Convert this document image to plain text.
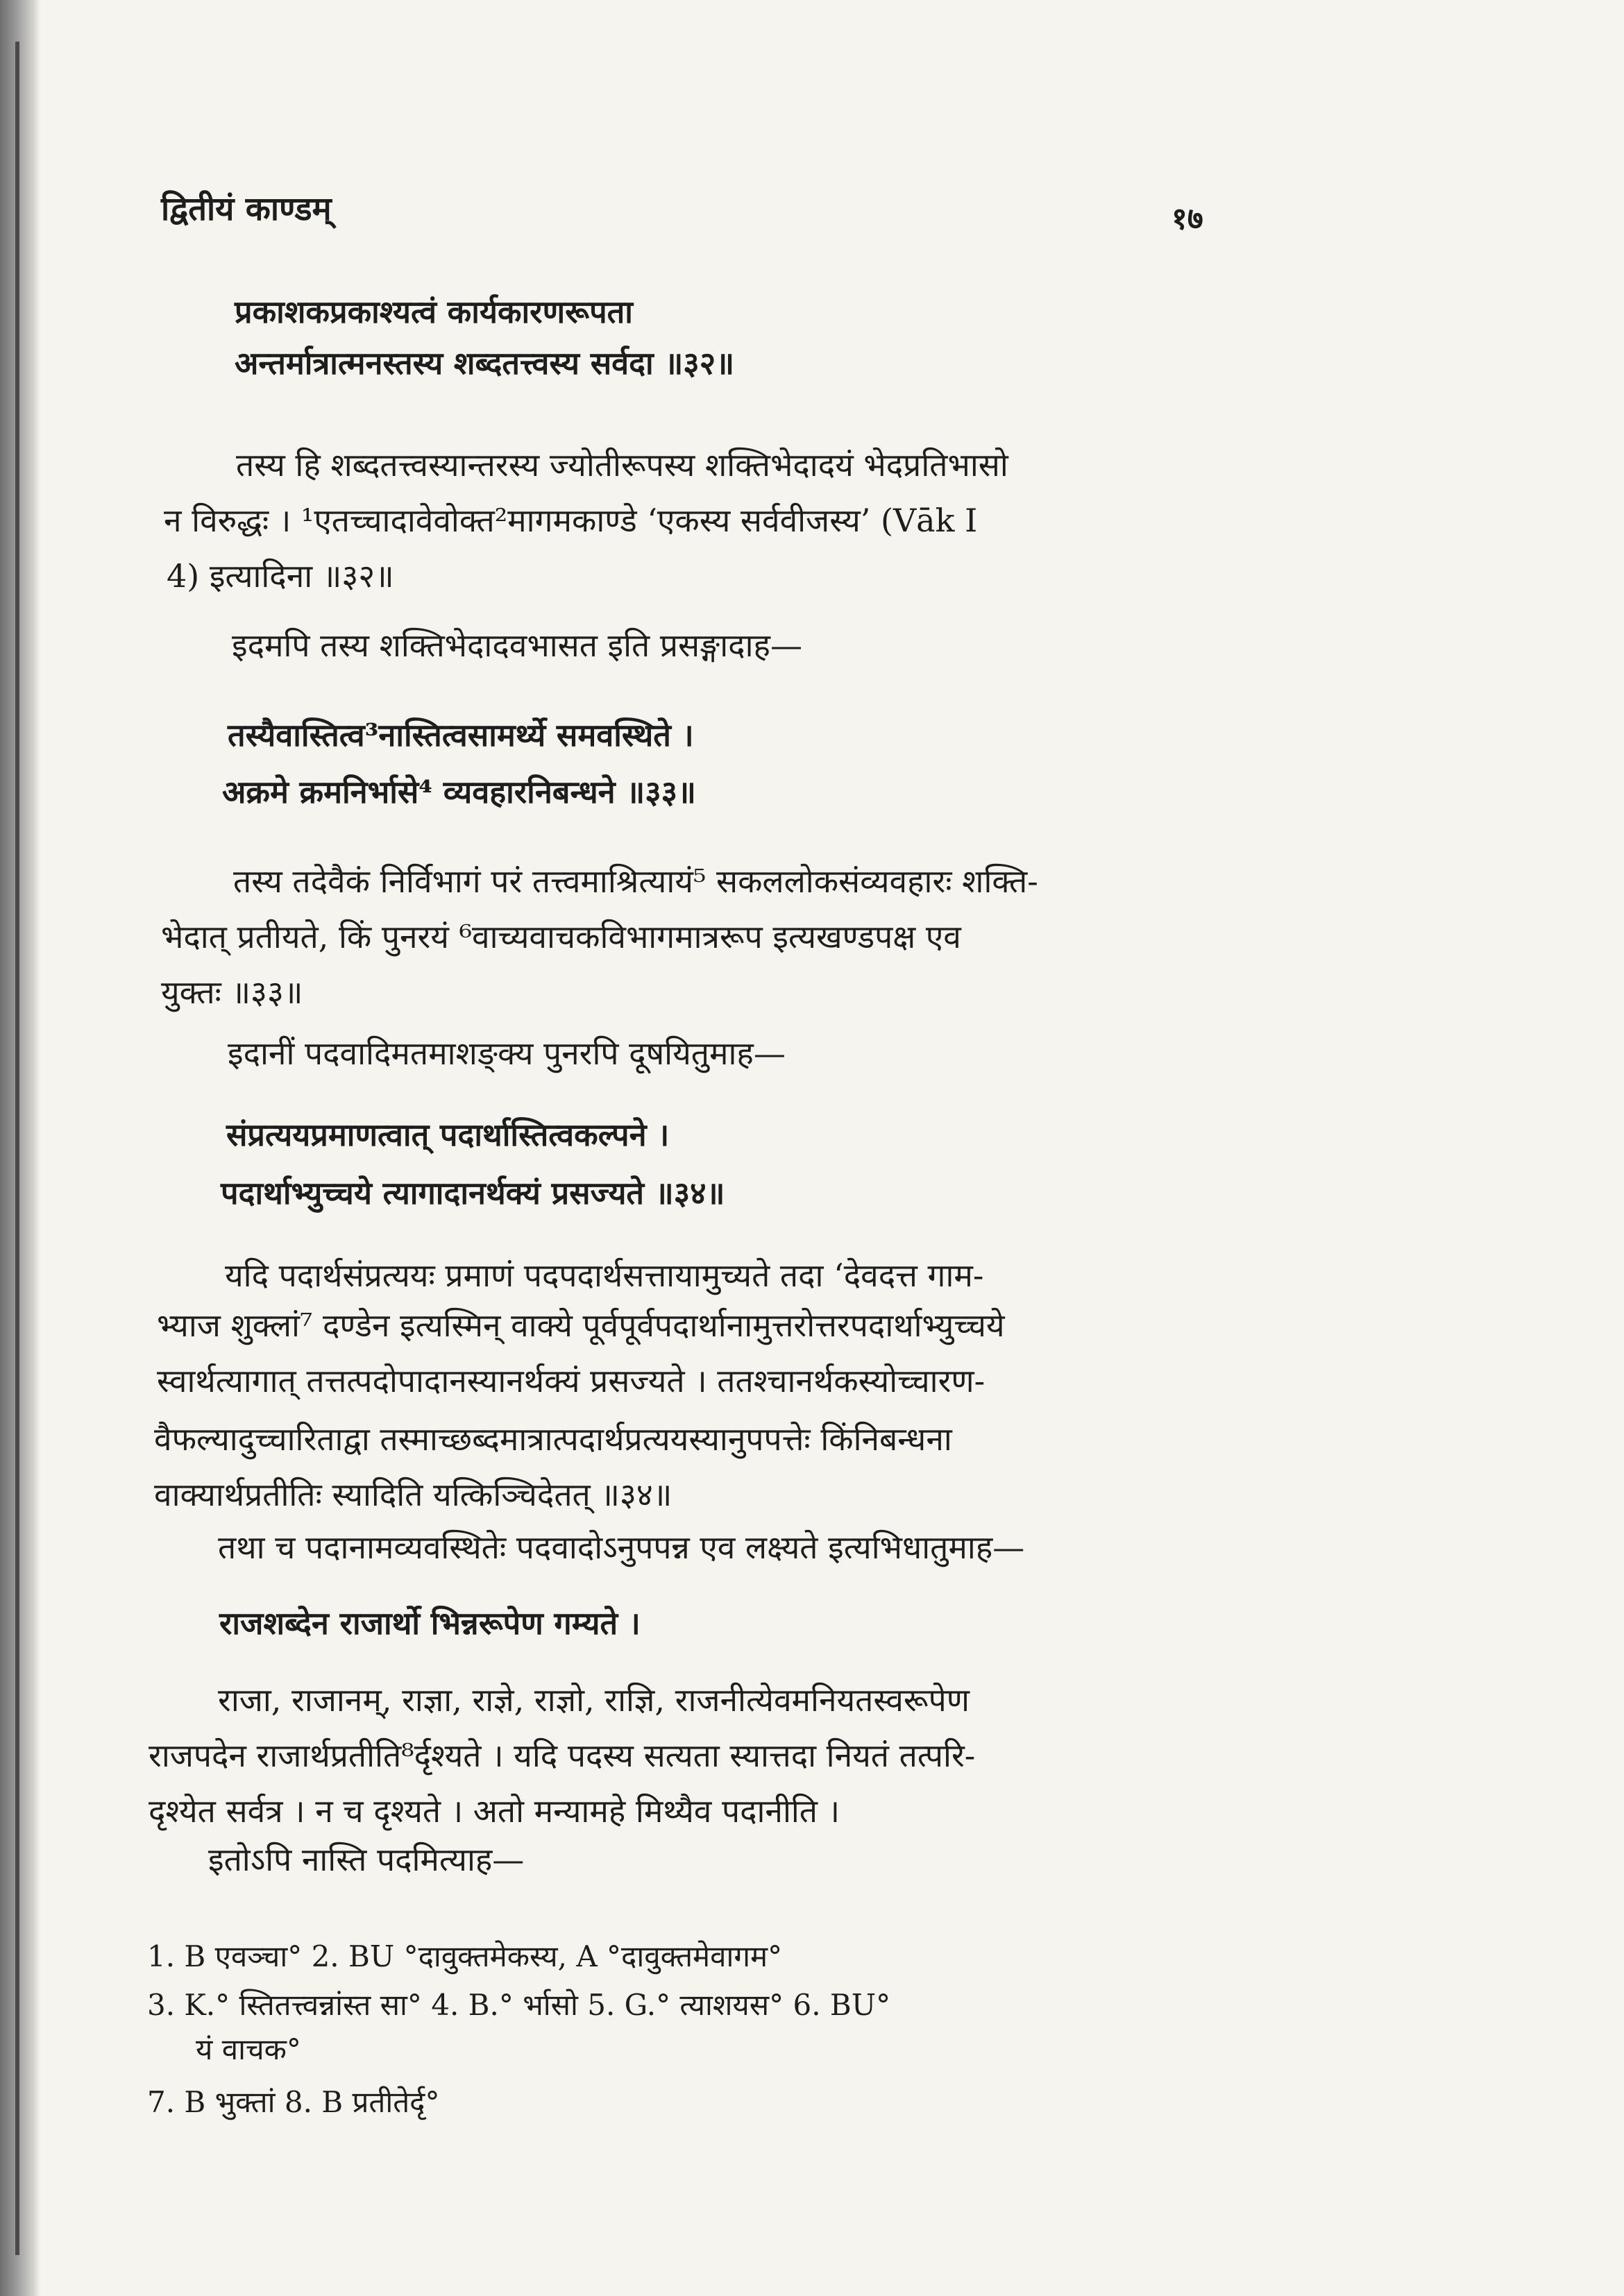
द्वितीयं काण्डम्	१७
प्रकाशकप्रकाश्यत्वं कार्यकारणरूपता
अन्तर्मात्रात्मनस्तस्य शब्दतत्त्वस्य सर्वदा ॥३२॥
तस्य हि शब्दतत्त्वस्यान्तरस्य ज्योतीरूपस्य शक्तिभेदादयं भेदप्रतिभासो
न विरुद्धः । ¹एतच्चादावेवोक्त²मागमकाण्डे ‘एकस्य सर्ववीजस्य’ (Vāk I
4) इत्यादिना ॥३२॥
इदमपि तस्य शक्तिभेदादवभासत इति प्रसङ्गादाह—
तस्यैवास्तित्व³नास्तित्वसामर्थ्ये समवस्थिते ।
अक्रमे क्रमनिर्भासे⁴ व्यवहारनिबन्धने ॥३३॥
तस्य तदेवैकं निर्विभागं परं तत्त्वमाश्रित्यायं⁵ सकललोकसंव्यवहारः शक्ति-
भेदात् प्रतीयते, किं पुनरयं ⁶वाच्यवाचकविभागमात्ररूप इत्यखण्डपक्ष एव
युक्तः ॥३३॥
इदानीं पदवादिमतमाशङ्क्य पुनरपि दूषयितुमाह—
संप्रत्ययप्रमाणत्वात् पदार्थास्तित्वकल्पने ।
पदार्थाभ्युच्चये त्यागादानर्थक्यं प्रसज्यते ॥३४॥
यदि पदार्थसंप्रत्ययः प्रमाणं पदपदार्थसत्तायामुच्यते तदा ‘देवदत्त गाम-
भ्याज शुक्लां⁷ दण्डेन इत्यस्मिन् वाक्ये पूर्वपूर्वपदार्थानामुत्तरोत्तरपदार्थाभ्युच्चये
स्वार्थत्यागात् तत्तत्पदोपादानस्यानर्थक्यं प्रसज्यते । ततश्चानर्थकस्योच्चारण-
वैफल्यादुच्चारिताद्वा तस्माच्छब्दमात्रात्पदार्थप्रत्ययस्यानुपपत्तेः किंनिबन्धना
वाक्यार्थप्रतीतिः स्यादिति यत्किञ्चिदेतत् ॥३४॥
तथा च पदानामव्यवस्थितेः पदवादोऽनुपपन्न एव लक्ष्यते इत्यभिधातुमाह—
राजशब्देन राजार्थो भिन्नरूपेण गम्यते ।
राजा, राजानम्, राज्ञा, राज्ञे, राज्ञो, राज्ञि, राजनीत्येवमनियतस्वरूपेण
राजपदेन राजार्थप्रतीति⁸र्दृश्यते । यदि पदस्य सत्यता स्यात्तदा नियतं तत्परि-
दृश्येत सर्वत्र । न च दृश्यते । अतो मन्यामहे मिथ्यैव पदानीति ।
इतोऽपि नास्ति पदमित्याह—
1. B एवञ्चा° 2. BU °दावुक्तमेकस्य, A °दावुक्तमेवागम°
3. K.° स्तितत्त्वन्नांस्त सा° 4. B.° र्भासो 5. G.° त्याशयस° 6. BU°
यं वाचक°
7. B भुक्तां 8. B प्रतीतेर्दृ°
